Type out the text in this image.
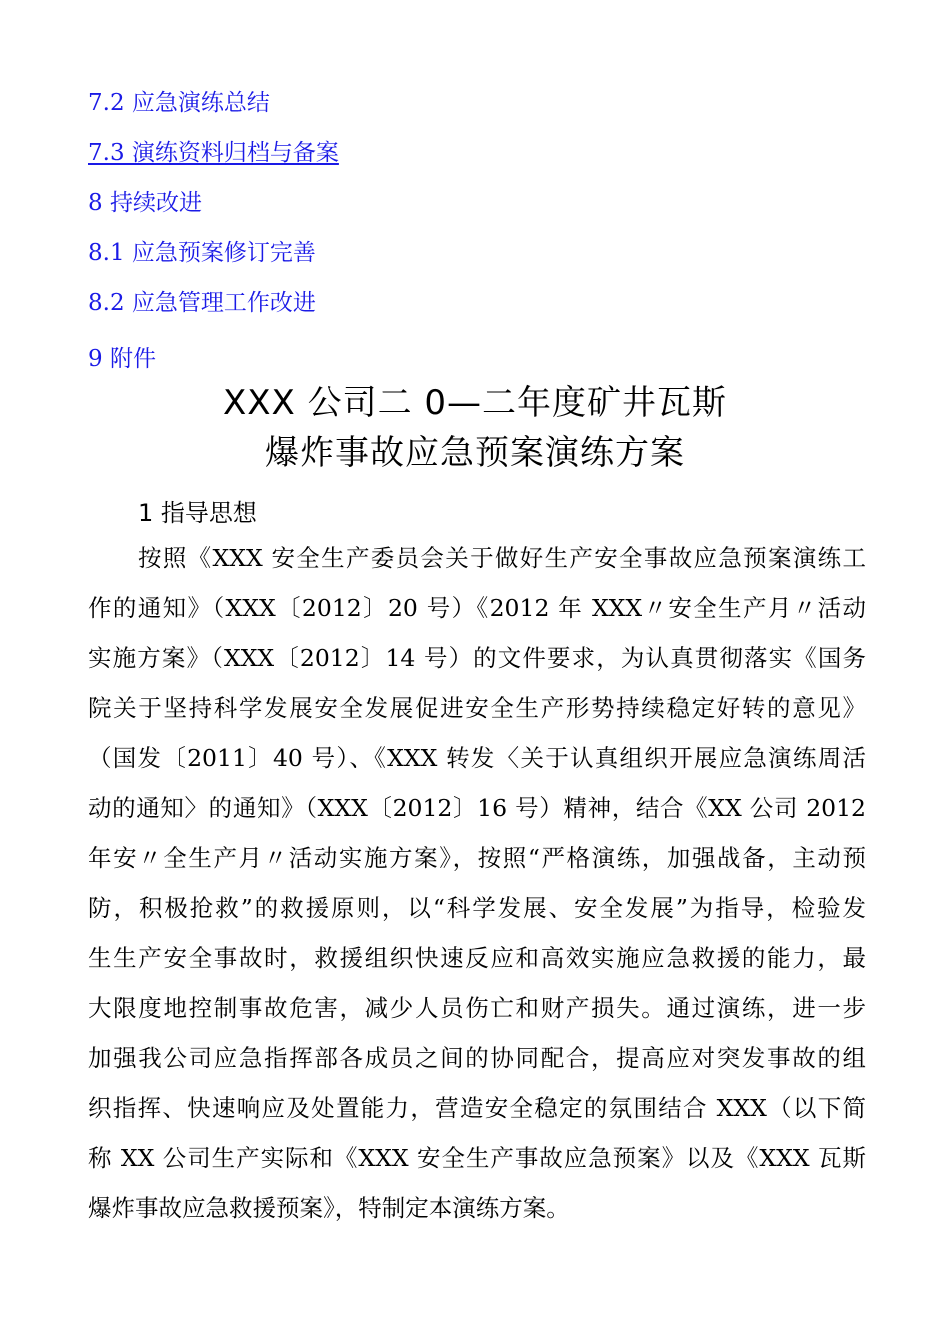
7.2 应急演练总结
7.3 演练资料归档与备案
8 持续改进
8.1 应急预案修订完善
8.2 应急管理工作改进
9 附件
XXX 公司二 0—二年度矿井瓦斯
爆炸事故应急预案演练方案
1 指导思想
按照《XXX 安全生产委员会关于做好生产安全事故应急预案演练工
作的通知》（XXX〔2012〕20 号）《2012 年 XXX〃安全生产月〃活动
实施方案》（XXX〔2012〕14 号）的文件要求，为认真贯彻落实《国务
院关于坚持科学发展安全发展促进安全生产形势持续稳定好转的意见》
（国发〔2011〕40 号）、《XXX 转发〈关于认真组织开展应急演练周活
动的通知〉的通知》（XXX〔2012〕16 号）精神，结合《XX 公司 2012
年安〃全生产月〃活动实施方案》，按照“严格演练，加强战备，主动预
防，积极抢救”的救援原则，以“科学发展、安全发展”为指导，检验发
生生产安全事故时，救援组织快速反应和高效实施应急救援的能力，最
大限度地控制事故危害，减少人员伤亡和财产损失。通过演练，进一步
加强我公司应急指挥部各成员之间的协同配合，提高应对突发事故的组
织指挥、快速响应及处置能力，营造安全稳定的氛围结合 XXX（以下简
称 XX 公司生产实际和《XXX 安全生产事故应急预案》以及《XXX 瓦斯
爆炸事故应急救援预案》，特制定本演练方案。
